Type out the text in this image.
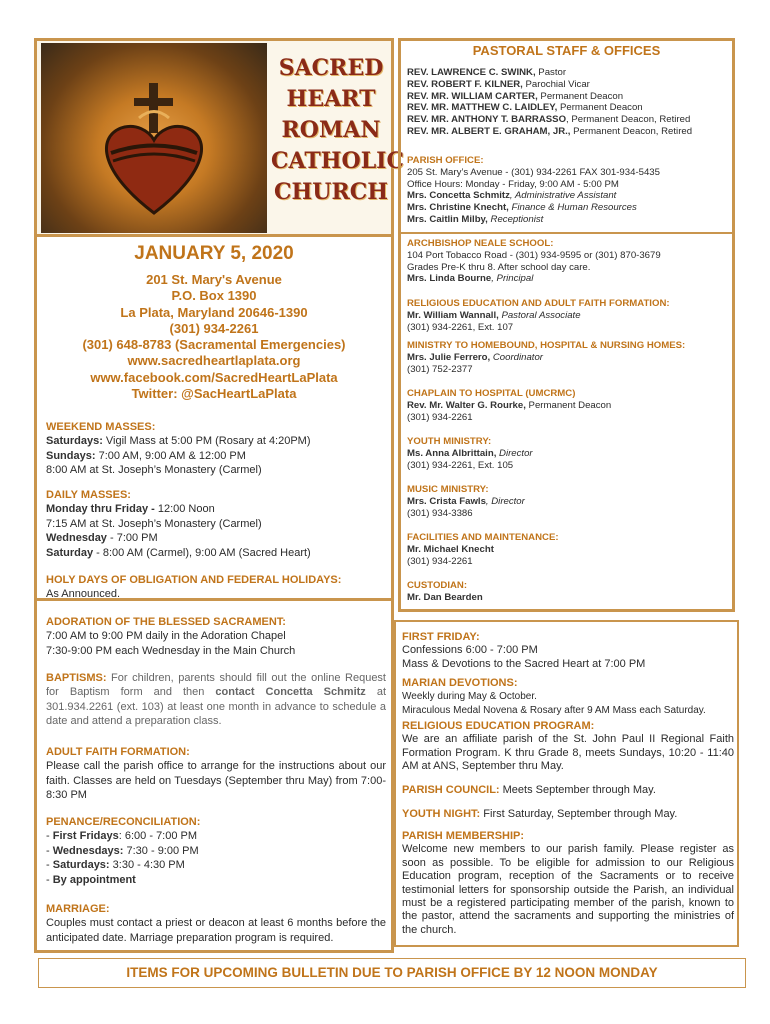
SACRED
HEART
ROMAN
CATHOLIC
CHURCH
JANUARY 5, 2020
201 St. Mary's Avenue
P.O. Box 1390
La Plata, Maryland 20646-1390
(301) 934-2261
(301) 648-8783 (Sacramental Emergencies)
www.sacredheartlaplata.org
www.facebook.com/SacredHeartLaPlata
Twitter: @SacHeartLaPlata
WEEKEND MASSES:
Saturdays: Vigil Mass at 5:00 PM (Rosary at 4:20PM)
Sundays: 7:00 AM, 9:00 AM & 12:00 PM
8:00 AM at St. Joseph’s Monastery (Carmel)
DAILY MASSES:
Monday thru Friday - 12:00 Noon
7:15 AM at St. Joseph’s Monastery (Carmel)
Wednesday - 7:00 PM
Saturday - 8:00 AM (Carmel), 9:00 AM (Sacred Heart)
HOLY DAYS OF OBLIGATION AND FEDERAL HOLIDAYS:
As Announced.
ADORATION OF THE BLESSED SACRAMENT:
7:00 AM to 9:00 PM daily in the Adoration Chapel
7:30-9:00 PM each Wednesday in the Main Church
BAPTISMS: For children, parents should fill out the online Request for Baptism form and then contact Concetta Schmitz at 301.934.2261 (ext. 103) at least one month in advance to schedule a date and attend a preparation class.
ADULT FAITH FORMATION:
Please call the parish office to arrange for the instructions about our faith. Classes are held on Tuesdays (September thru May) from 7:00-8:30 PM
PENANCE/RECONCILIATION:
- First Fridays: 6:00 - 7:00 PM
- Wednesdays: 7:30 - 9:00 PM
- Saturdays: 3:30 - 4:30 PM
- By appointment
MARRIAGE:
Couples must contact a priest or deacon at least 6 months before the anticipated date. Marriage preparation program is required.
PASTORAL STAFF & OFFICES
REV. LAWRENCE C. SWINK, Pastor
REV. ROBERT F. KILNER, Parochial Vicar
REV. MR. WILLIAM CARTER, Permanent Deacon
REV. MR. MATTHEW C. LAIDLEY, Permanent Deacon
REV. MR. ANTHONY T. BARRASSO, Permanent Deacon, Retired
REV. MR. ALBERT E. GRAHAM, JR., Permanent Deacon, Retired
PARISH OFFICE:
205 St. Mary’s Avenue - (301) 934-2261 FAX 301-934-5435
Office Hours: Monday - Friday, 9:00 AM - 5:00 PM
Mrs. Concetta Schmitz, Administrative Assistant
Mrs. Christine Knecht, Finance & Human Resources
Mrs. Caitlin Milby, Receptionist
ARCHBISHOP NEALE SCHOOL:
104 Port Tobacco Road - (301) 934-9595 or (301) 870-3679
Grades Pre-K thru 8. After school day care.
Mrs. Linda Bourne, Principal
RELIGIOUS EDUCATION AND ADULT FAITH FORMATION:
Mr. William Wannall, Pastoral Associate
(301) 934-2261, Ext. 107
MINISTRY TO HOMEBOUND, HOSPITAL & NURSING HOMES:
Mrs. Julie Ferrero, Coordinator
(301) 752-2377
CHAPLAIN TO HOSPITAL (UMCRMC)
Rev. Mr. Walter G. Rourke, Permanent Deacon
(301) 934-2261
YOUTH MINISTRY:
Ms. Anna Albrittain, Director
(301) 934-2261, Ext. 105
MUSIC MINISTRY:
Mrs. Crista Fawls, Director
(301) 934-3386
FACILITIES AND MAINTENANCE:
Mr. Michael Knecht
(301) 934-2261
CUSTODIAN:
Mr. Dan Bearden
FIRST FRIDAY:
Confessions 6:00 - 7:00 PM
Mass & Devotions to the Sacred Heart at 7:00 PM
MARIAN DEVOTIONS:
Weekly during May & October.
Miraculous Medal Novena & Rosary after 9 AM Mass each Saturday.
RELIGIOUS EDUCATION PROGRAM:
We are an affiliate parish of the St. John Paul II Regional Faith Formation Program. K thru Grade 8, meets Sundays, 10:20 - 11:40 AM at ANS, September thru May.
PARISH COUNCIL: Meets September through May.
YOUTH NIGHT: First Saturday, September through May.
PARISH MEMBERSHIP:
Welcome new members to our parish family. Please register as soon as possible. To be eligible for admission to our Religious Education program, reception of the Sacraments or to receive testimonial letters for sponsorship outside the Parish, an individual must be a registered participating member of the parish, known to the pastor, attend the sacraments and supporting the ministries of the church.
ITEMS FOR UPCOMING BULLETIN DUE TO PARISH OFFICE BY 12 NOON MONDAY
